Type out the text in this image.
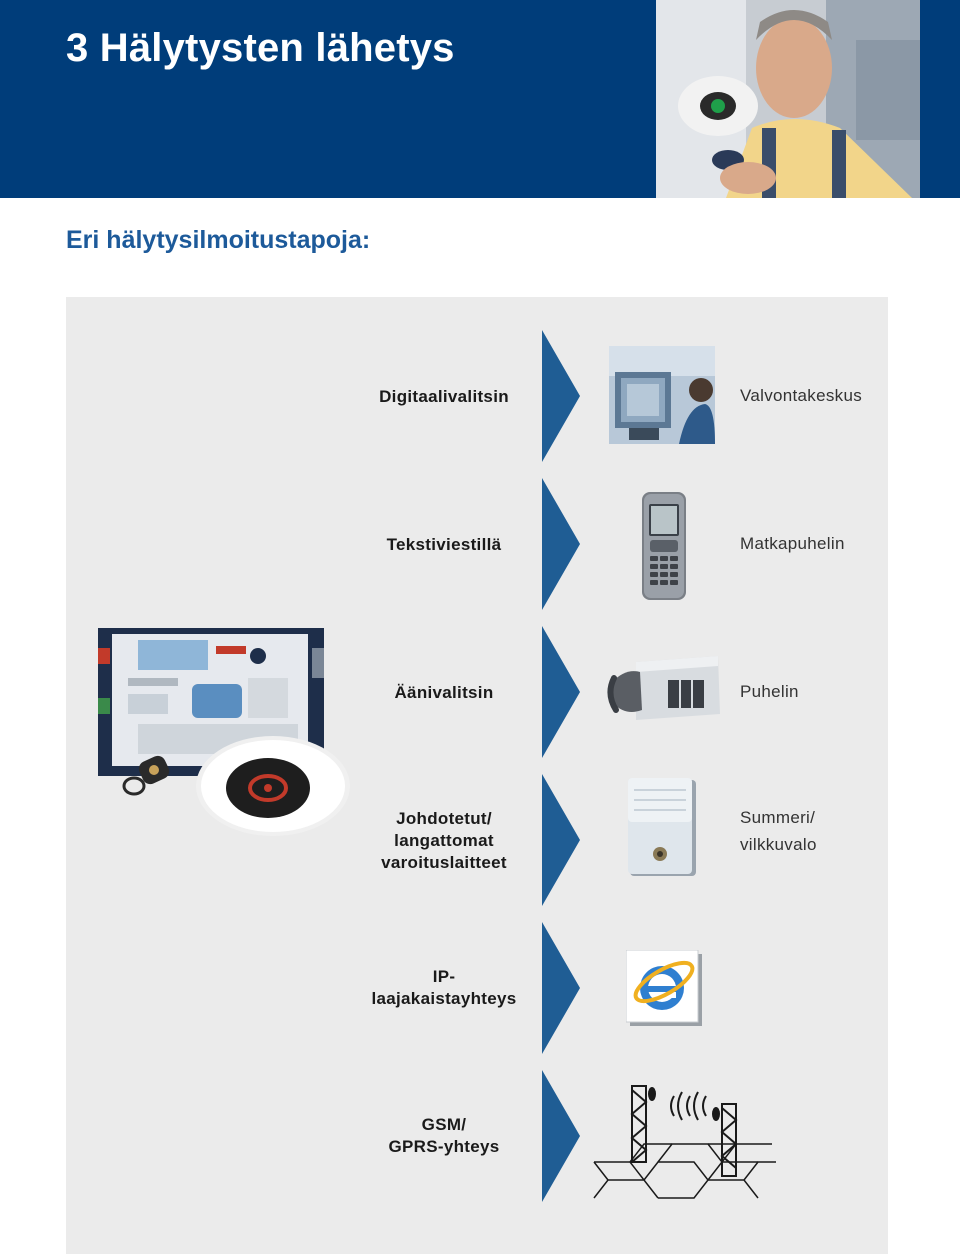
3 Hälytysten lähetys
Eri hälytysilmoitustapoja:
Digitaalivalitsin
Tekstiviestillä
Äänivalitsin
Johdotetut/
langattomat
varoituslaitteet
IP-
laajakaistayhteys
GSM/
GPRS-yhteys
Valvontakeskus
Matkapuhelin
Puhelin
Summeri/
vilkkuvalo
